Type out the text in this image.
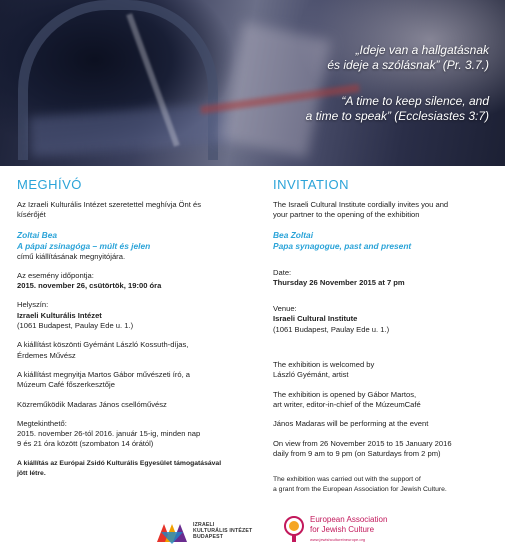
„Ideje van a hallgatásnak
és ideje a szólásnak” (Pr. 3.7.)
“A time to keep silence, and
a time to speak” (Ecclesiastes 3:7)
MEGHÍVÓ

Az Izraeli Kulturális Intézet szeretettel meghívja Önt és

kísérőjét

Zoltai Bea

A pápai zsinagóga – múlt és jelen

című kiállításának megnyitójára.

Az esemény időpontja:

2015. november 26, csütörtök, 19:00 óra

Helyszín:

Izraeli Kulturális Intézet

(1061 Budapest, Paulay Ede u. 1.)

A kiállítást köszönti Gyémánt László Kossuth-díjas,

Érdemes Művész

A kiállítást megnyitja Martos Gábor művészeti író, a

Múzeum Café főszerkesztője

Közreműködik Madaras János csellóművész

Megtekinthető:

2015. november 26-tól 2016. január 15-ig, minden nap

9 és 21 óra között (szombaton 14 órától)

A kiállítás az Európai Zsidó Kulturális Egyesület támogatásával

jött létre.

INVITATION

The Israeli Cultural Institute cordially invites you and

your partner to the opening of the exhibition

Bea Zoltai

Papa synagogue, past and present

Date:

Thursday 26 November 2015 at 7 pm

Venue:

Israeli Cultural Institute

(1061 Budapest, Paulay Ede u. 1.)

The exhibition is welcomed by

László Gyémánt, artist

The exhibition is opened by Gábor Martos,

art writer, editor-in-chief of the MúzeumCafé

János Madaras will be performing at the event

On view from 26 November 2015 to 15 January 2016

daily from 9 am to 9 pm (on Saturdays from 2 pm)

The exhibition was carried out with the support of

a grant from the European Association for Jewish Culture.

IZRAELI
KULTURÁLIS INTÉZET
BUDAPEST
European Association
for Jewish Culture
www.jewishcultureineurope.org
